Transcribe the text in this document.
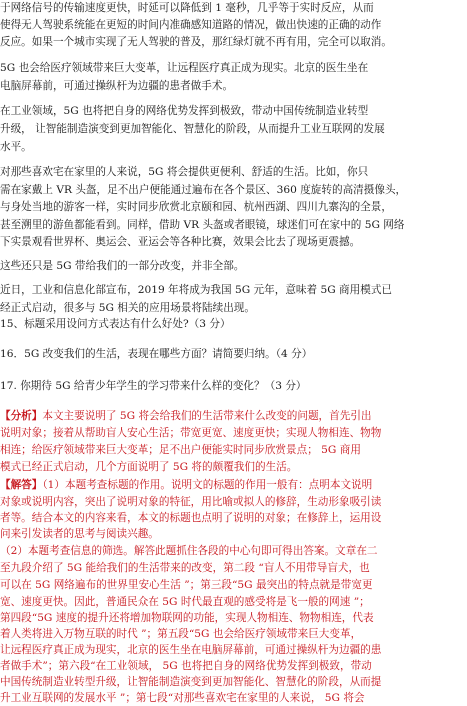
于网络信号的传输速度更快，时延可以降低到 1 毫秒，几乎等于实时反应，从而
使得无人驾驶系统能在更短的时间内准确感知道路的情况，做出快速的正确的动作
反应。如果一个城市实现了无人驾驶的普及，那红绿灯就不再有用，完全可以取消。
5G 也会给医疗领域带来巨大变革，让远程医疗真正成为现实。北京的医生坐在
电脑屏幕前，可通过操纵杆为边疆的患者做手术。
在工业领域，5G 也将把自身的网络优势发挥到极致，带动中国传统制造业转型
升级， 让智能制造演变到更加智能化、智慧化的阶段，从而提升工业互联网的发展
水平。
对那些喜欢宅在家里的人来说，5G 将会提供更便利、舒适的生活。比如，你只
需在家戴上 VR 头盔，足不出户便能通过遍布在各个景区、360 度旋转的高清摄像头，
与身处当地的游客一样，实时同步欣赏北京颐和园、杭州西湖、四川九寨沟的全景，
甚至溯里的游鱼都能看到。同样，借助 VR 头盔或者眼镜，球迷们可在家中的 5G 网络
下实景观看世界杯、奥运会、亚运会等各种比赛，效果会比去了现场更震撼。
这些还只是 5G 带给我们的一部分改变，并非全部。
近日，工业和信息化部宣布，2019 年将成为我国 5G 元年，意味着 5G 商用模式已
经正式启动，很多与 5G 相关的应用场景将陆续出现。
15、标题采用设问方式表达有什么好处?（3 分）
16．5G 改变我们的生活，表现在哪些方面？请简要归纳。（4 分）
17. 你期待 5G 给青少年学生的学习带来什么样的变化？（3 分）
【分析】本文主要说明了 5G 将会给我们的生活带来什么改变的问题，首先引出
说明对象；接着从帮助盲人安心生活；带宽更宽、速度更快；实现人物相连、物物
相连；给医疗领域带来巨大变革；足不出户便能实时同步欣赏景点； 5G 商用
模式已经正式启动，几个方面说明了 5G 将的颇覆我们的生活。
【解答】（1）本题考查标题的作用。说明文的标题的作用一般有：点明本文说明
对象或说明内容，突出了说明对象的特征，用比喻或拟人的修辞，生动形象吸引读
者等。结合本文的内容来看，本文的标题也点明了说明的对象；在修辞上，运用设
问来引发读者的思考与阅读兴趣。
（2）本题考查信息的筛选。解答此题抓住各段的中心句即可得出答案。文章在二
至九段介绍了 5G 能给我们的生活带来的改变，第二段 “盲人不用带导盲犬，也
可以在 5G 网络遍布的世界里安心生活 ”；第三段“5G 最突出的特点就是带宽更
宽、速度更快。因此，普通民众在 5G 时代最直观的感受将是飞一般的网速 ”；
第四段“5G 速度的提升还将增加物联网的功能，实现人物相连、物物相连，代表
着人类将进入万物互联的时代 ”；第五段“5G 也会给医疗领域带来巨大变革，
让远程医疗真正成为现实，北京的医生坐在电脑屏幕前，可通过操纵杆为边疆的患
者做手术”；第六段“在工业领域， 5G 也将把自身的网络优势发挥到极致，带动
中国传统制造业转型升级，让智能制造演变到更加智能化、智慧化的阶段，从而提
升工业互联网的发展水平 ”；第七段“对那些喜欢宅在家里的人来说， 5G 将会
